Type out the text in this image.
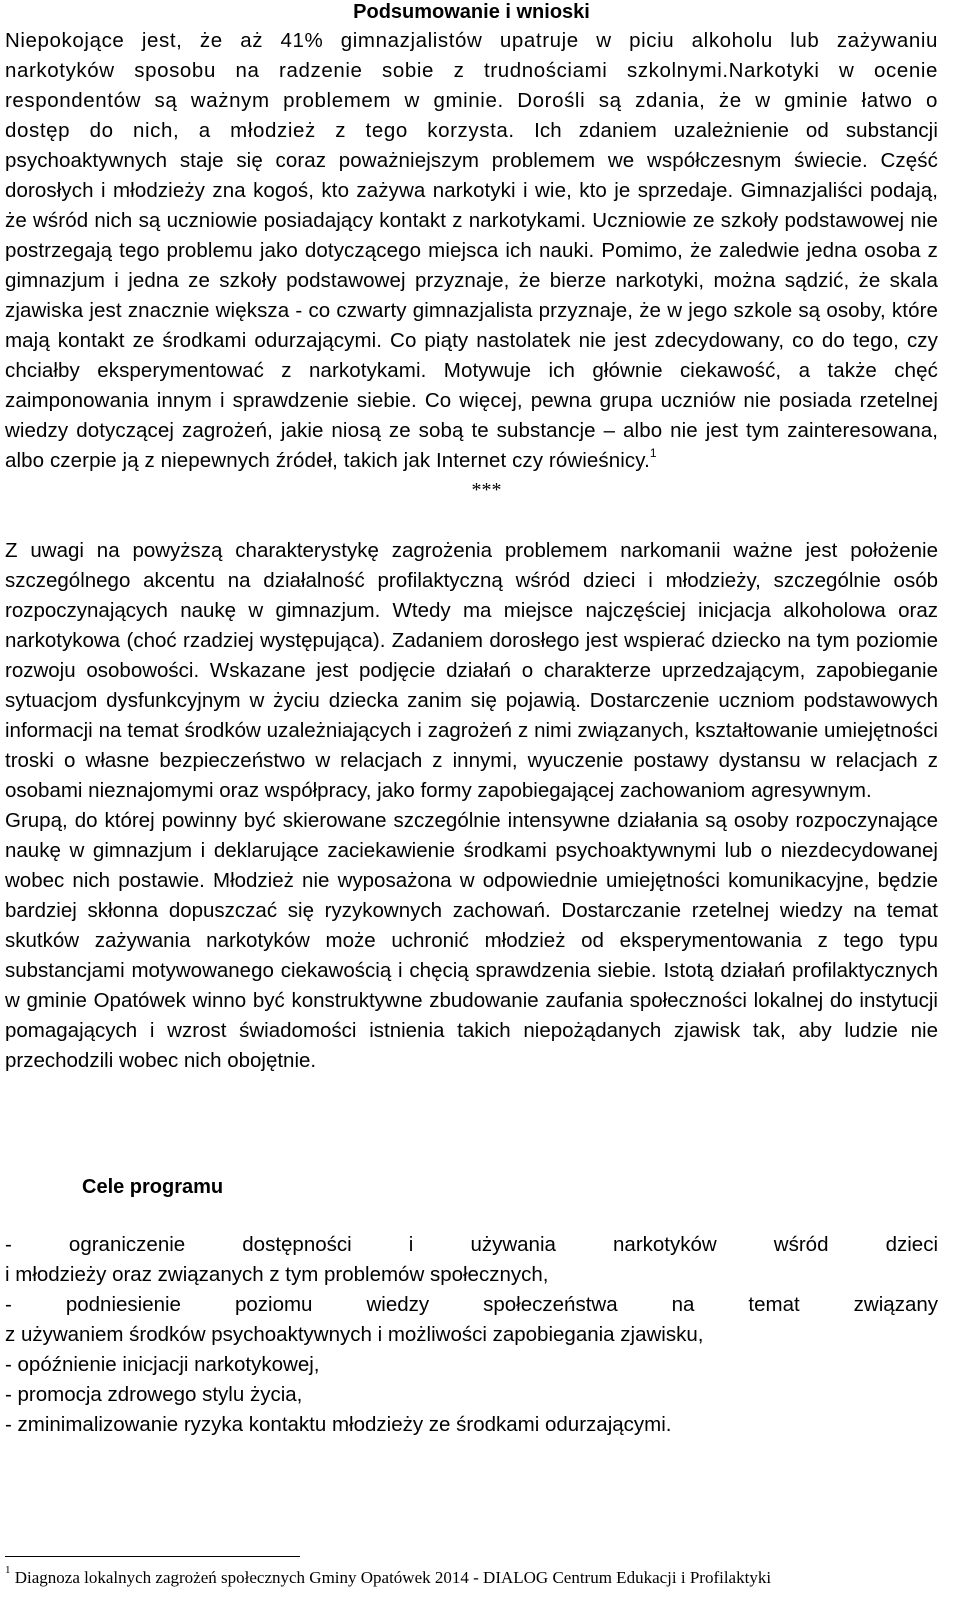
Podsumowanie i wnioski

Niepokojące jest, że aż 41% gimnazjalistów upatruje w piciu alkoholu lub zażywaniu narkotyków sposobu na radzenie sobie z trudnościami szkolnymi.Narkotyki w ocenie respondentów są ważnym problemem w gminie. Dorośli są zdania, że w gminie łatwo o dostęp do nich, a młodzież z tego korzysta. Ich zdaniem uzależnienie od substancji psychoaktywnych staje się coraz poważniejszym problemem we współczesnym świecie. Część dorosłych i młodzieży zna kogoś, kto zażywa narkotyki i wie, kto je sprzedaje. Gimnazjaliści podają, że wśród nich są uczniowie posiadający kontakt z narkotykami. Uczniowie ze szkoły podstawowej nie postrzegają tego problemu jako dotyczącego miejsca ich nauki. Pomimo, że zaledwie jedna osoba z gimnazjum i jedna ze szkoły podstawowej przyznaje, że bierze narkotyki, można sądzić, że skala zjawiska jest znacznie większa - co czwarty gimnazjalista przyznaje, że w jego szkole są osoby, które mają kontakt ze środkami odurzającymi. Co piąty nastolatek nie jest zdecydowany, co do tego, czy chciałby eksperymentować z narkotykami. Motywuje ich głównie ciekawość, a także chęć zaimponowania innym i sprawdzenie siebie. Co więcej, pewna grupa uczniów nie posiada rzetelnej wiedzy dotyczącej zagrożeń, jakie niosą ze sobą te substancje – albo nie jest tym zainteresowana, albo czerpie ją z niepewnych źródeł, takich jak Internet czy rówieśnicy.$^1$

***

Z uwagi na powyższą charakterystykę zagrożenia problemem narkomanii ważne jest położenie szczególnego akcentu na działalność profilaktyczną wśród dzieci i młodzieży, szczególnie osób rozpoczynających naukę w gimnazjum. Wtedy ma miejsce najczęściej inicjacja alkoholowa oraz narkotykowa (choć rzadziej występująca). Zadaniem dorosłego jest wspierać dziecko na tym poziomie rozwoju osobowości. Wskazane jest podjęcie działań o charakterze uprzedzającym, zapobieganie sytuacjom dysfunkcyjnym w życiu dziecka zanim się pojawią. Dostarczenie uczniom podstawowych informacji na temat środków uzależniających i zagrożeń z nimi związanych, kształtowanie umiejętności troski o własne bezpieczeństwo w relacjach z innymi, wyuczenie postawy dystansu w relacjach z osobami nieznajomymi oraz współpracy, jako formy zapobiegającej zachowaniom agresywnym.

Grupą, do której powinny być skierowane szczególnie intensywne działania są osoby rozpoczynające naukę w gimnazjum i deklarujące zaciekawienie środkami psychoaktywnymi lub o niezdecydowanej wobec nich postawie. Młodzież nie wyposażona w odpowiednie umiejętności komunikacyjne, będzie bardziej skłonna dopuszczać się ryzykownych zachowań. Dostarczanie rzetelnej wiedzy na temat skutków zażywania narkotyków może uchronić młodzież od eksperymentowania z tego typu substancjami motywowanego ciekawością i chęcią sprawdzenia siebie. Istotą działań profilaktycznych w gminie Opatówek winno być konstruktywne zbudowanie zaufania społeczności lokalnej do instytucji pomagających i wzrost świadomości istnienia takich niepożądanych zjawisk tak, aby ludzie nie przechodzili wobec nich obojętnie.

Cele programu

- ograniczenie dostępności i używania narkotyków wśród dzieci
i młodzieży oraz związanych z tym problemów społecznych,
- podniesienie poziomu wiedzy społeczeństwa na temat związany
z używaniem środków psychoaktywnych i możliwości zapobiegania zjawisku,
- opóźnienie inicjacji narkotykowej,
- promocja zdrowego stylu życia,
- zminimalizowanie ryzyka kontaktu młodzieży ze środkami odurzającymi.

$^1$ Diagnoza lokalnych zagrożeń społecznych Gminy Opatówek 2014 - DIALOG Centrum Edukacji i Profilaktyki
